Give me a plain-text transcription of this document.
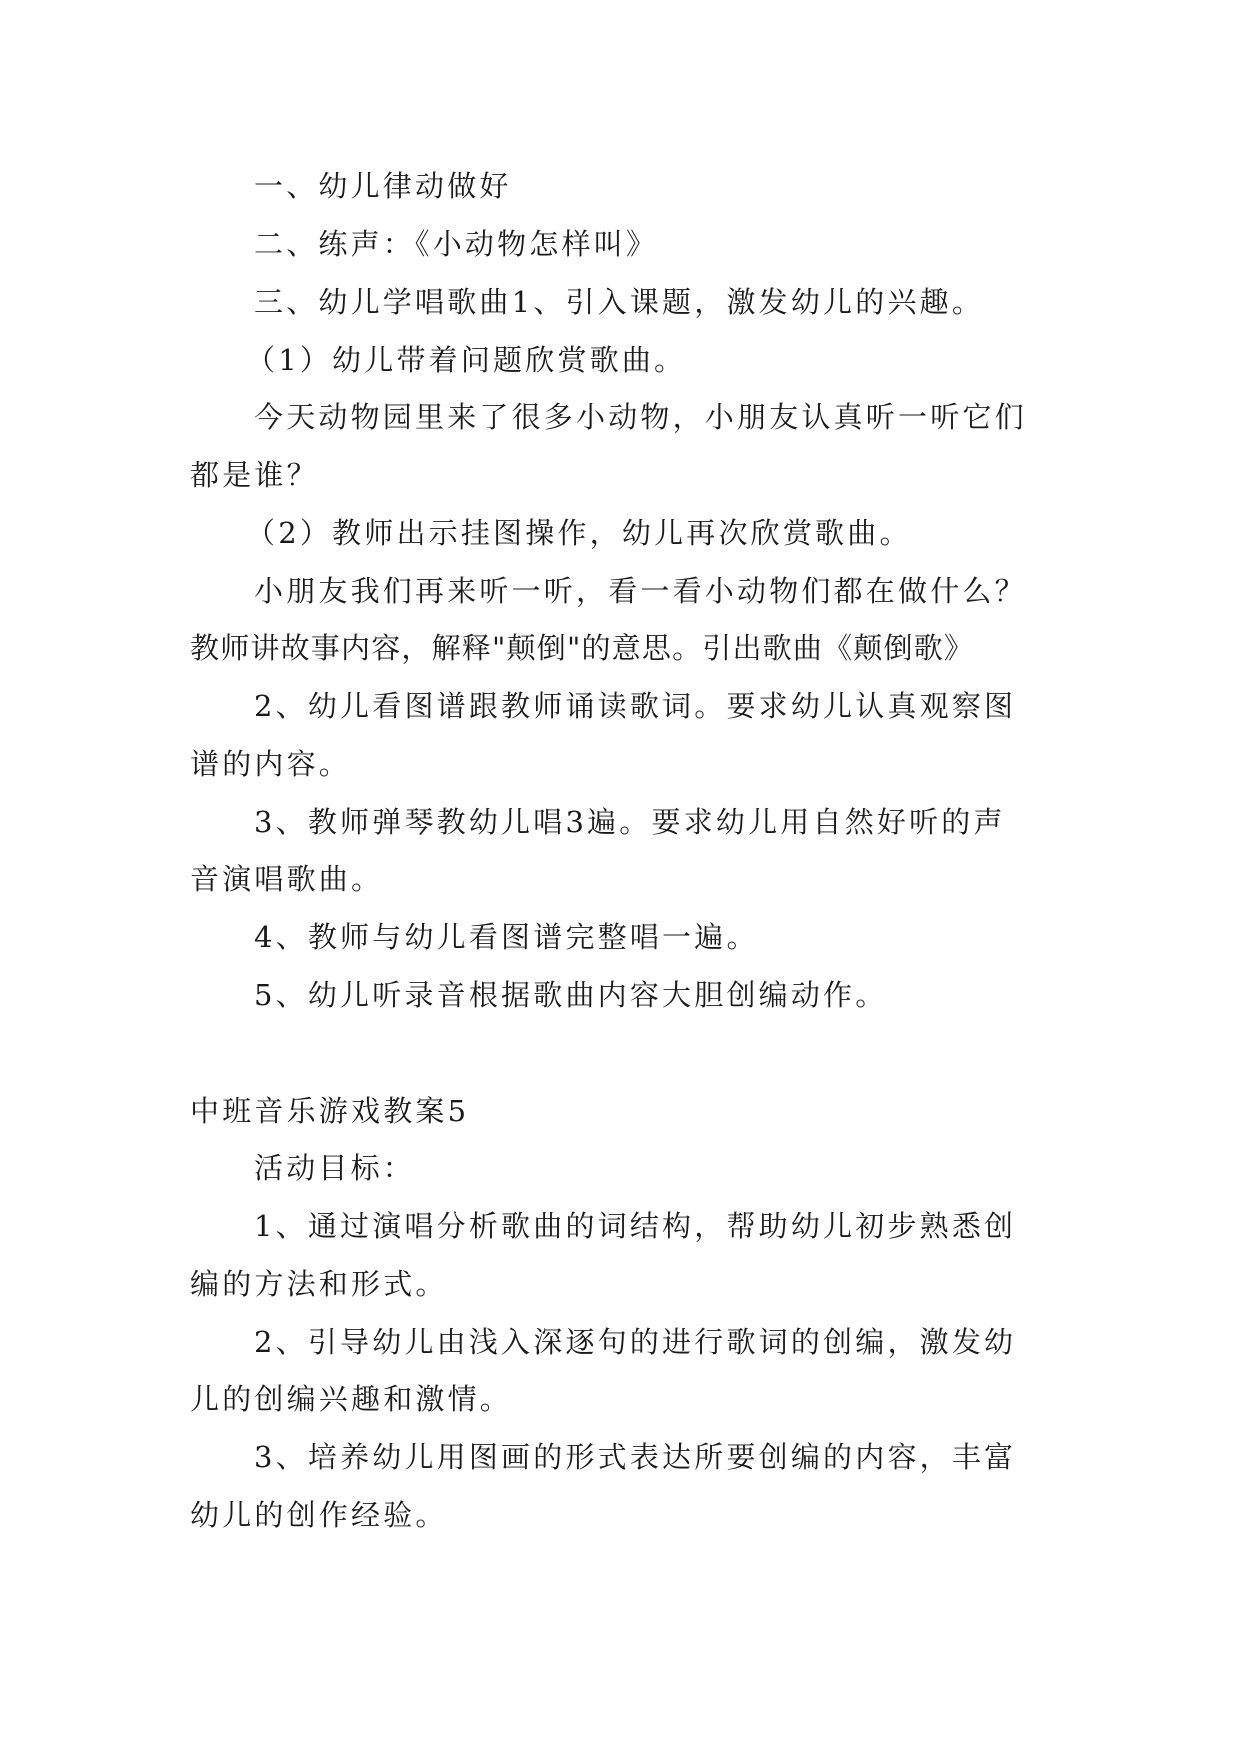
一、幼儿律动做好
二、练声：《小动物怎样叫》
三、幼儿学唱歌曲1、引入课题，激发幼儿的兴趣。
（1）幼儿带着问题欣赏歌曲。
今天动物园里来了很多小动物，小朋友认真听一听它们
都是谁？
（2）教师出示挂图操作，幼儿再次欣赏歌曲。
小朋友我们再来听一听，看一看小动物们都在做什么？
教师讲故事内容，解释"颠倒"的意思。引出歌曲《颠倒歌》
2、幼儿看图谱跟教师诵读歌词。要求幼儿认真观察图
谱的内容。
3、教师弹琴教幼儿唱3遍。要求幼儿用自然好听的声
音演唱歌曲。
4、教师与幼儿看图谱完整唱一遍。
5、幼儿听录音根据歌曲内容大胆创编动作。
中班音乐游戏教案5
活动目标：
1、通过演唱分析歌曲的词结构，帮助幼儿初步熟悉创
编的方法和形式。
2、引导幼儿由浅入深逐句的进行歌词的创编，激发幼
儿的创编兴趣和激情。
3、培养幼儿用图画的形式表达所要创编的内容，丰富
幼儿的创作经验。
